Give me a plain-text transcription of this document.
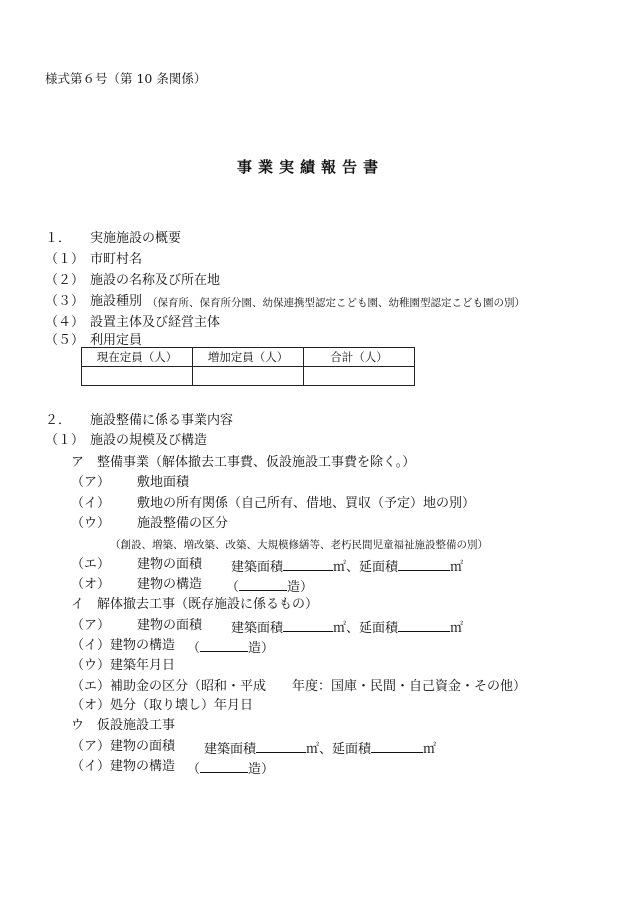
様式第６号（第 10 条関係）
事業実績報告書
１． 実施施設の概要
（１） 市町村名
（２） 施設の名称及び所在地
（３） 施設種別 （保育所、保育所分園、幼保連携型認定こども園、幼稚園型認定こども園の別）
（４） 設置主体及び経営主体
（５） 利用定員
現在定員（人）	増加定員（人）	合計（人）

２． 施設整備に係る事業内容
（１） 施設の規模及び構造
ア　整備事業（解体撤去工事費、仮設施設工事費を除く。）
（ア） 敷地面積
（イ） 敷地の所有関係（自己所有、借地、買収（予定）地の別）
（ウ） 施設整備の区分
（創設、増築、増改築、改築、大規模修繕等、老朽民間児童福祉施設整備の別）
（エ） 建物の面積 建築面積	㎡、延面積	㎡
（オ） 建物の構造 （	造）
イ　解体撤去工事（既存施設に係るもの）
（ア） 建物の面積 建築面積	㎡、延面積	㎡
（イ）建物の構造 （	造）
（ウ）建築年月日
（エ）補助金の区分（昭和・平成　　年度：国庫・民間・自己資金・その他）
（オ）処分（取り壊し）年月日
ウ　仮設施設工事
（ア）建物の面積 建築面積	㎡、延面積	㎡
（イ）建物の構造 （	造）
